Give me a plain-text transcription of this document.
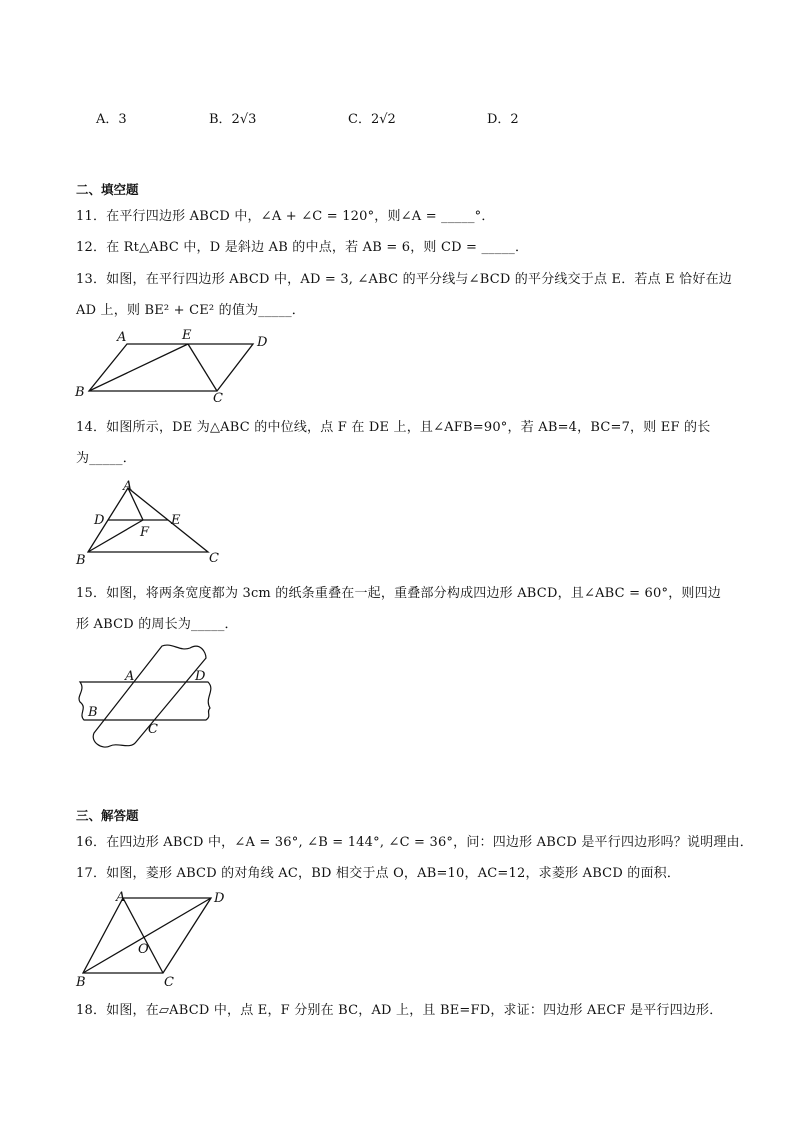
A．3	B．2√3	C．2√2	D．2
二、填空题
11．在平行四边形 ABCD 中，∠A + ∠C = 120°，则∠A = _____°．
12．在 Rt△ABC 中，D 是斜边 AB 的中点，若 AB = 6，则 CD = _____．
13．如图，在平行四边形 ABCD 中，AD = 3, ∠ABC 的平分线与∠BCD 的平分线交于点 E．若点 E 恰好在边
AD 上，则 BE² + CE² 的值为_____．
A	E	D
B	C
14．如图所示，DE 为△ABC 的中位线，点 F 在 DE 上，且∠AFB=90°，若 AB=4，BC=7，则 EF 的长
为_____．
A
D	E
F
B	C
15．如图，将两条宽度都为 3cm 的纸条重叠在一起，重叠部分构成四边形 ABCD，且∠ABC = 60°，则四边
形 ABCD 的周长为_____．
A	D
B
C
三、解答题
16．在四边形 ABCD 中，∠A = 36°, ∠B = 144°, ∠C = 36°，问：四边形 ABCD 是平行四边形吗？说明理由．
17．如图，菱形 ABCD 的对角线 AC，BD 相交于点 O，AB=10，AC=12，求菱形 ABCD 的面积．
A	D
O
B	C
18．如图，在▱ABCD 中，点 E，F 分别在 BC，AD 上，且 BE=FD，求证：四边形 AECF 是平行四边形．
